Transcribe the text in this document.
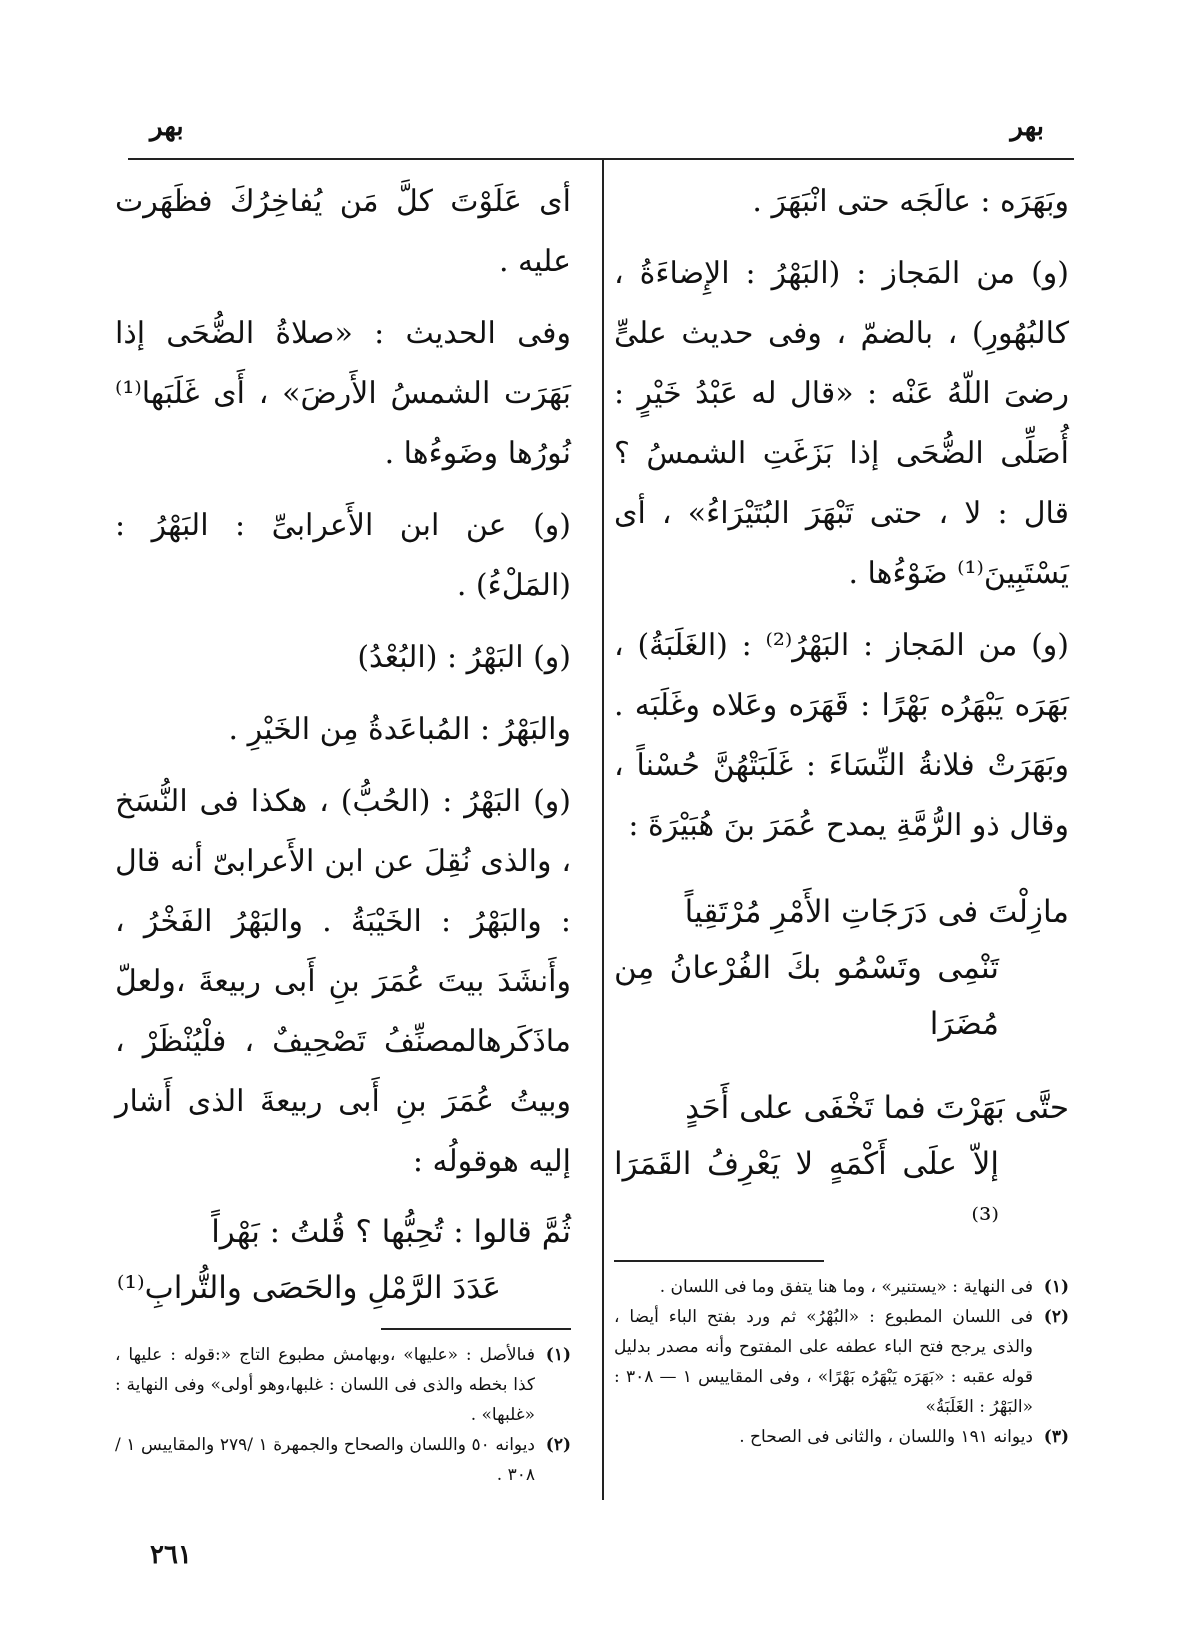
بهر
بهر

وبَهَرَه : عالَجَه حتى انْبَهَرَ .

(و) من المَجاز : (البَهْرُ : الإِضاءَةُ ، كالبُهُورِ) ، بالضمّ ، وفى حديث علىٍّ رضىَ اللّهُ عَنْه : «قال له عَبْدُ خَيْرٍ : أُصَلِّى الضُّحَى إذا بَزَغَتِ الشمسُ ؟ قال : لا ، حتى تَبْهَرَ البُتَيْرَاءُ» ، أى يَسْتَبِينَ⁽¹⁾ ضَوْءُها .

(و) من المَجاز : البَهْرُ⁽²⁾ : (الغَلَبَةُ) ، بَهَرَه يَبْهَرُه بَهْرًا : قَهَرَه وعَلاه وغَلَبَه . وبَهَرَتْ فلانةُ النِّسَاءَ : غَلَبَتْهُنَّ حُسْناً ، وقال ذو الرُّمَّةِ يمدح عُمَرَ بنَ هُبَيْرَةَ :

مازِلْتَ فى دَرَجَاتِ الأَمْرِ مُرْتَقِياً
تَنْمِى وتَسْمُو بكَ الفُرْعانُ مِن مُضَرَا
حتَّى بَهَرْتَ فما تَخْفَى على أَحَدٍ
إلاّ علَى أَكْمَهٍ لا يَعْرِفُ القَمَرَا ⁽³⁾

(١)
فى النهاية : «يستنير» ، وما هنا يتفق وما فى اللسان .

(٢)
فى اللسان المطبوع : «البُهْرُ» ثم ورد بفتح الباء أيضا ، والذى يرجح فتح الباء عطفه على المفتوح وأنه مصدر بدليل قوله عقبه : «بَهَرَه يَبْهَرُه بَهْرًا» ، وفى المقاييس ١ — ٣٠٨ : «البَهْرُ : الغَلَبَةُ»

(٣)
ديوانه ١٩١ واللسان ، والثانى فى الصحاح .

أى عَلَوْتَ كلَّ مَن يُفاخِرُكَ فظَهَرت عليه .

وفى الحديث : «صلاةُ الضُّحَى إذا بَهَرَت الشمسُ الأَرضَ» ، أَى غَلَبَها⁽¹⁾ نُورُها وضَوءُها .

(و) عن ابن الأَعرابىِّ : البَهْرُ : (المَلْءُ) .

(و) البَهْرُ : (البُعْدُ)

والبَهْرُ : المُباعَدةُ مِن الخَيْرِ .

(و) البَهْرُ : (الحُبُّ) ، هكذا فى النُّسَخ ، والذى نُقِلَ عن ابن الأَعرابىّ أنه قال : والبَهْرُ : الخَيْبَةُ . والبَهْرُ الفَخْرُ ، وأَنشَدَ بيتَ عُمَرَ بنِ أَبى ربيعةَ ،ولعلّ ماذَكَرهالمصنِّفُ تَصْحِيفٌ ، فلْيُنْظَرْ ، وبيتُ عُمَرَ بنِ أَبى ربيعةَ الذى أَشار إليه هوقولُه :

ثُمَّ قالوا : تُحِبُّها ؟ قُلتُ : بَهْراً
عَدَدَ الرَّمْلِ والحَصَى والتُّرابِ⁽¹⁾

(١)
فىالأصل : «عليها» ،وبهامش مطبوع التاج «:قوله : عليها ، كذا بخطه والذى فى اللسان : غلبها،وهو أولى» وفى النهاية : «غلبها» .

(٢)
ديوانه ٥٠ واللسان والصحاح والجمهرة ١ /٢٧٩ والمقاييس ١ /٣٠٨ .

٢٦١
